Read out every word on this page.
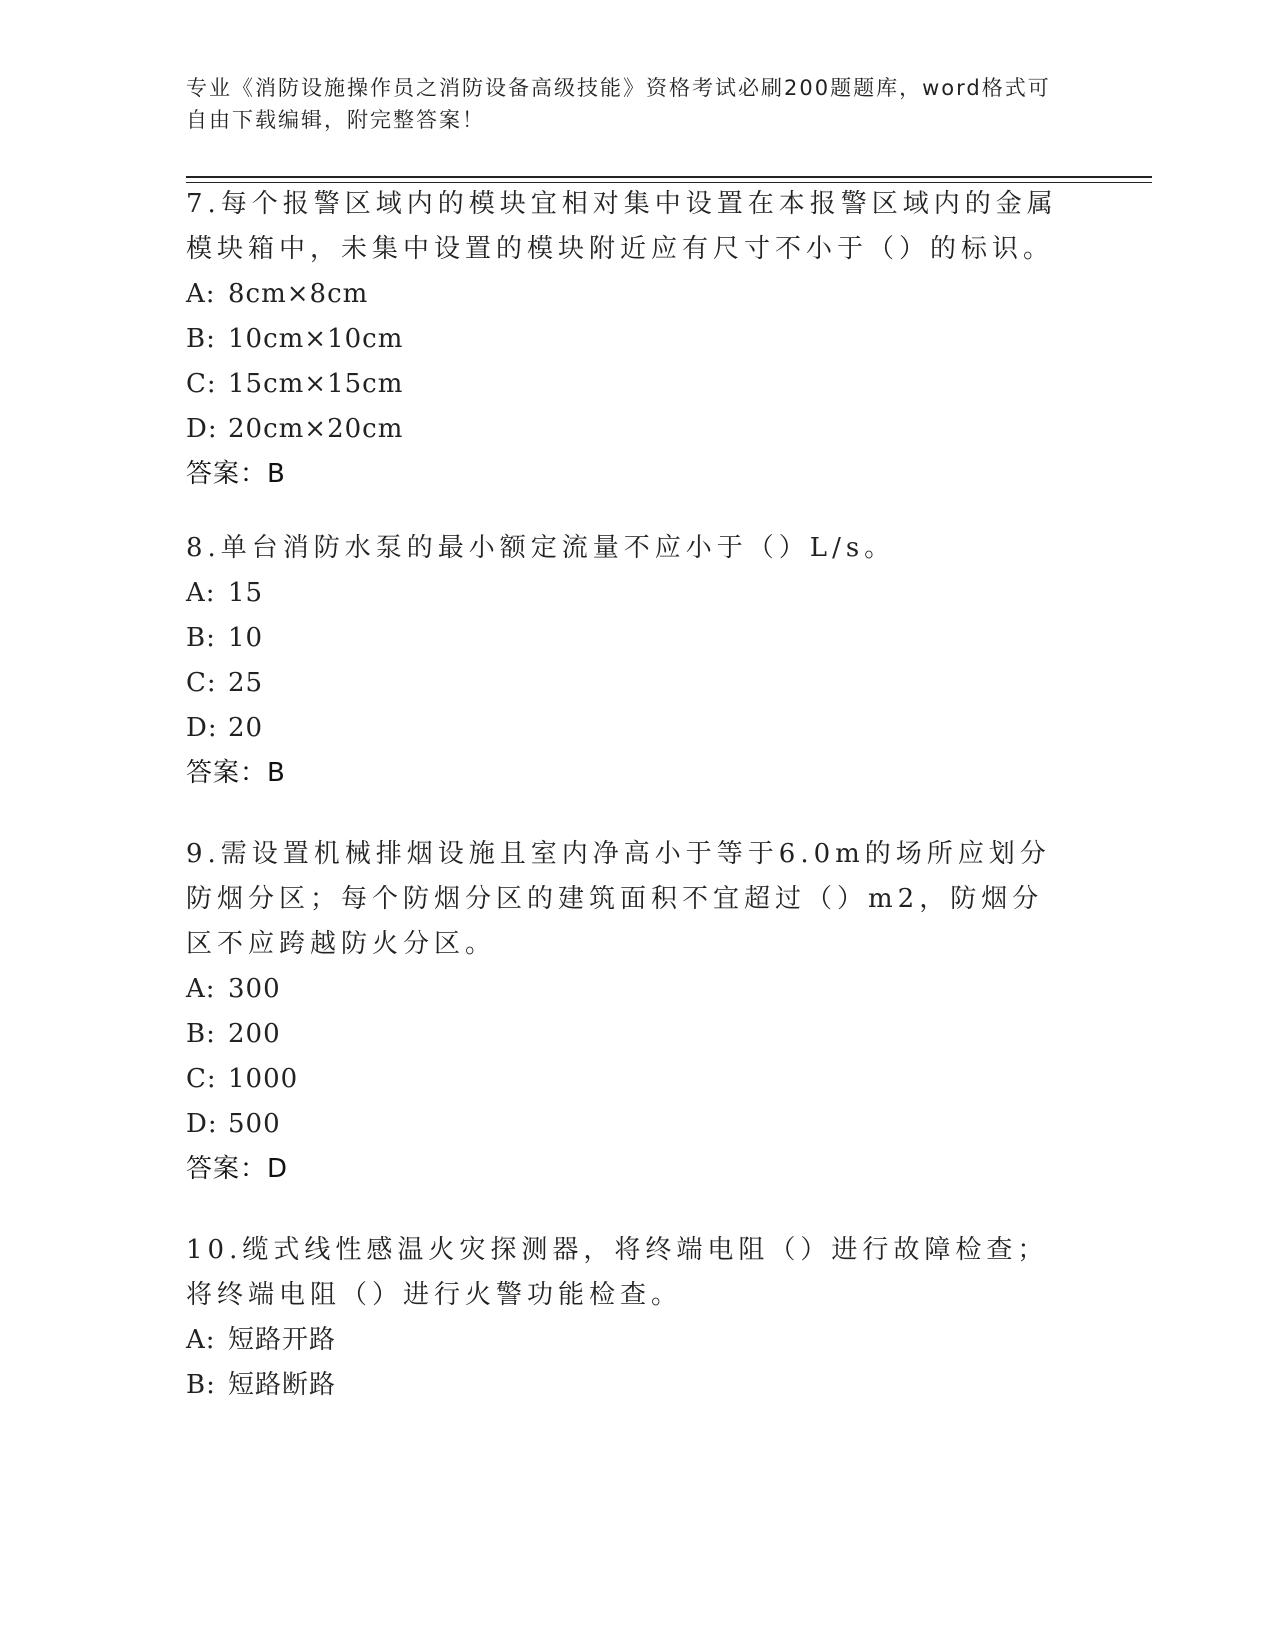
专业《消防设施操作员之消防设备高级技能》资格考试必刷200题题库，word格式可自由下载编辑，附完整答案！

7.每个报警区域内的模块宜相对集中设置在本报警区域内的金属模块箱中，未集中设置的模块附近应有尺寸不小于（）的标识。

A: 8cm×8cm

B: 10cm×10cm

C: 15cm×15cm

D: 20cm×20cm

答案：B

8.单台消防水泵的最小额定流量不应小于（）L/s。

A: 15

B: 10

C: 25

D: 20

答案：B

9.需设置机械排烟设施且室内净高小于等于6.0m的场所应划分防烟分区；每个防烟分区的建筑面积不宜超过（）m2，防烟分区不应跨越防火分区。

A: 300

B: 200

C: 1000

D: 500

答案：D

10.缆式线性感温火灾探测器，将终端电阻（）进行故障检查；将终端电阻（）进行火警功能检查。

A: 短路开路

B: 短路断路
